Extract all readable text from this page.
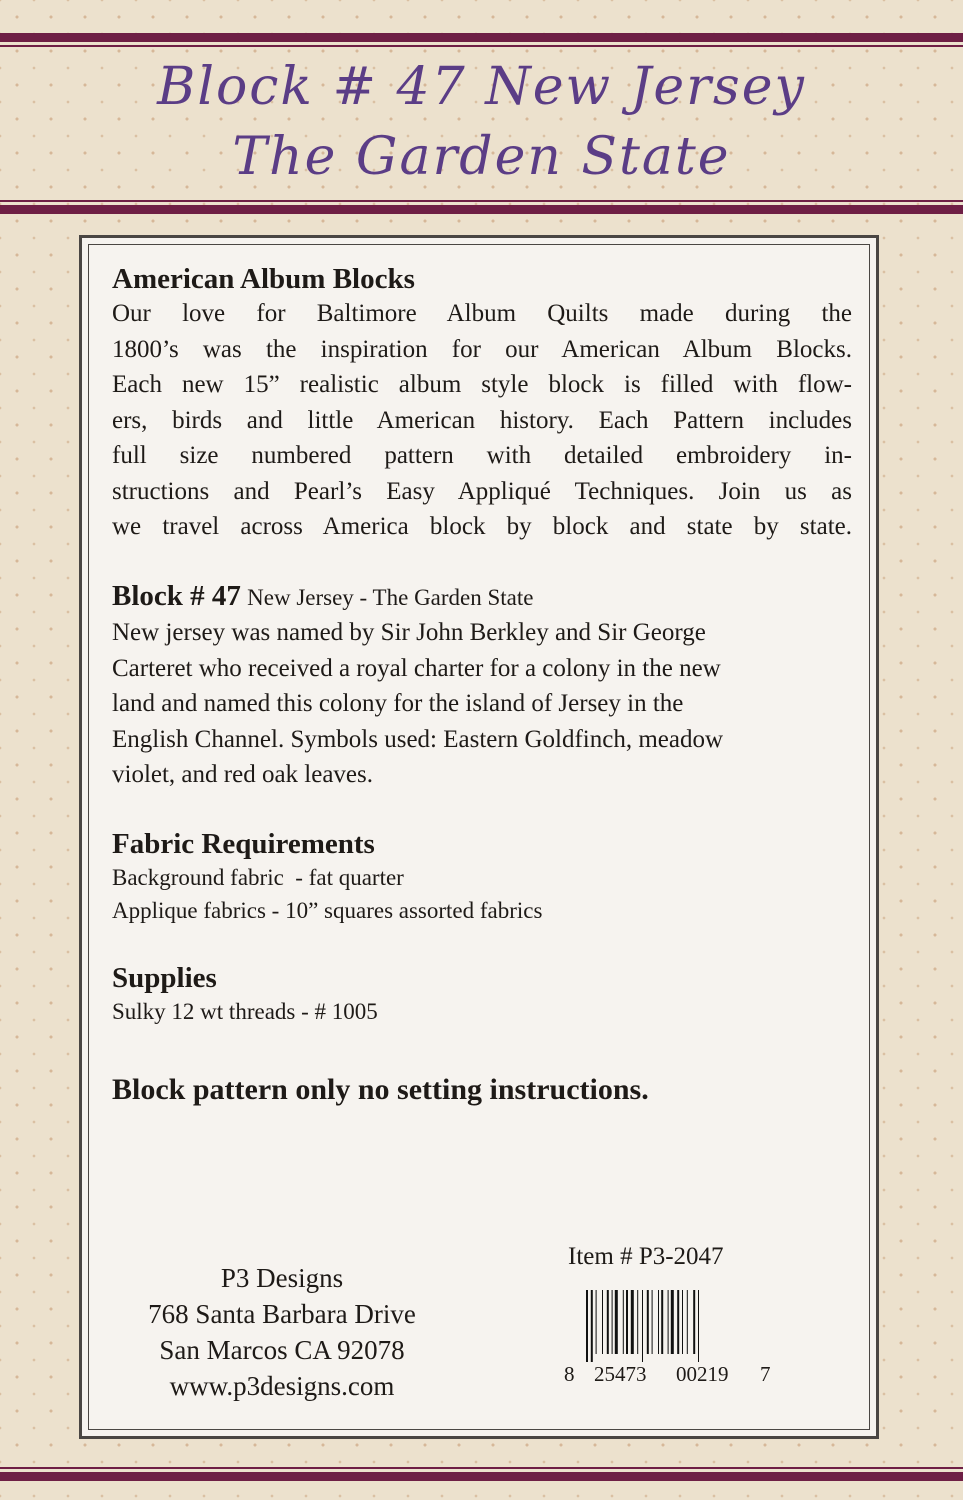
Block # 47 New Jersey
The Garden State
American Album Blocks
Our love for Baltimore Album Quilts made during the
1800’s was the inspiration for our American Album Blocks.
Each new 15” realistic album style block is filled with flow-
ers, birds and little American history. Each Pattern includes
full size numbered pattern with detailed embroidery in-
structions and Pearl’s Easy Appliqué Techniques. Join us as
we travel across America block by block and state by state.
Block # 47 New Jersey - The Garden State
New jersey was named by Sir John Berkley and Sir George
Carteret who received a royal charter for a colony in the new
land and named this colony for the island of Jersey in the
English Channel. Symbols used: Eastern Goldfinch, meadow
violet, and red oak leaves.
Fabric Requirements
Background fabric  - fat quarter
Applique fabrics - 10” squares assorted fabrics
Supplies
Sulky 12 wt threads - # 1005
Block pattern only no setting instructions.
P3 Designs
768 Santa Barbara Drive
San Marcos CA 92078
www.p3designs.com
Item # P3-2047
8 25473 00219 7
